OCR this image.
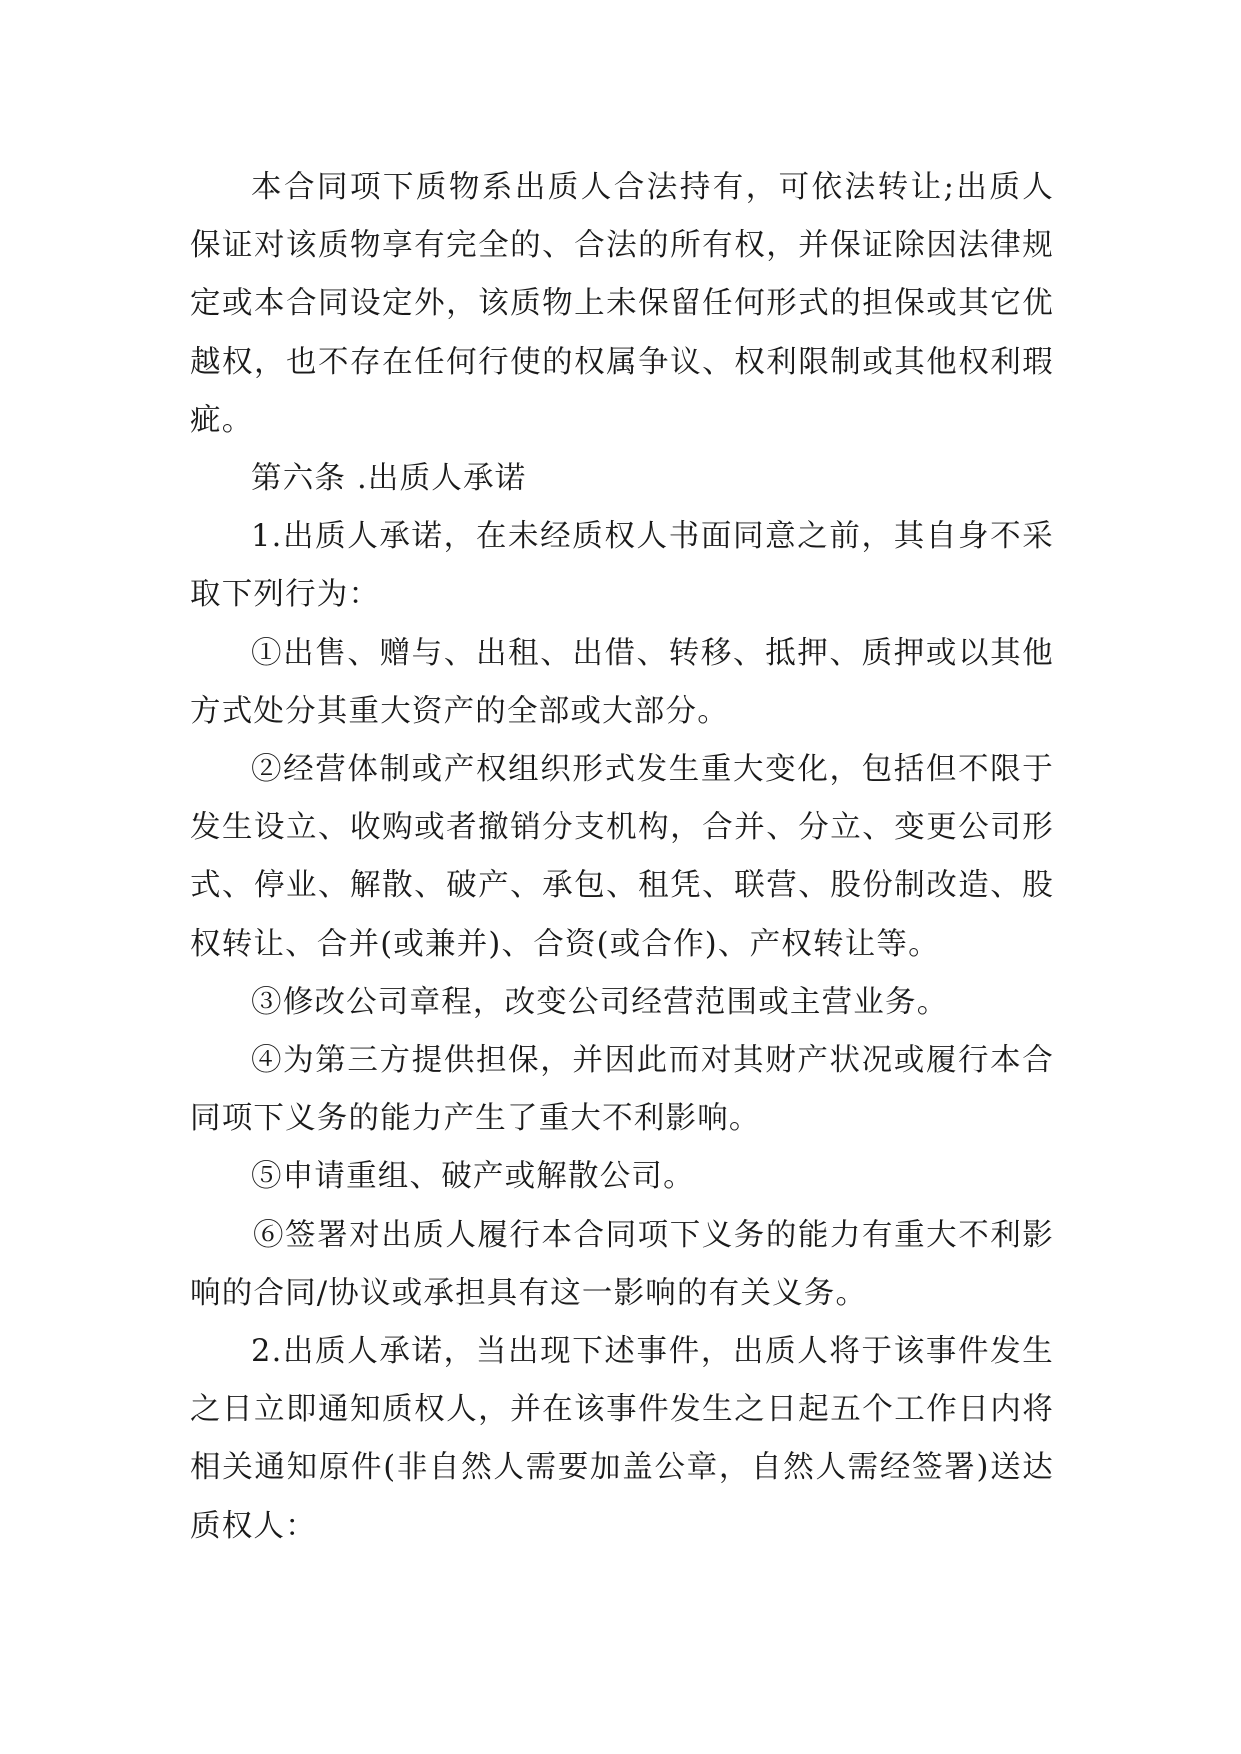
本合同项下质物系出质人合法持有，可依法转让;出质人保证对该质物享有完全的、合法的所有权，并保证除因法律规定或本合同设定外，该质物上未保留任何形式的担保或其它优越权，也不存在任何行使的权属争议、权利限制或其他权利瑕疵。

第六条 .出质人承诺

1.出质人承诺，在未经质权人书面同意之前，其自身不采取下列行为：

①出售、赠与、出租、出借、转移、抵押、质押或以其他方式处分其重大资产的全部或大部分。

②经营体制或产权组织形式发生重大变化，包括但不限于发生设立、收购或者撤销分支机构，合并、分立、变更公司形式、停业、解散、破产、承包、租凭、联营、股份制改造、股权转让、合并(或兼并)、合资(或合作)、产权转让等。

③修改公司章程，改变公司经营范围或主营业务。

④为第三方提供担保，并因此而对其财产状况或履行本合同项下义务的能力产生了重大不利影响。

⑤申请重组、破产或解散公司。

⑥签署对出质人履行本合同项下义务的能力有重大不利影响的合同/协议或承担具有这一影响的有关义务。

2.出质人承诺，当出现下述事件，出质人将于该事件发生之日立即通知质权人，并在该事件发生之日起五个工作日内将相关通知原件(非自然人需要加盖公章，自然人需经签署)送达质权人：
